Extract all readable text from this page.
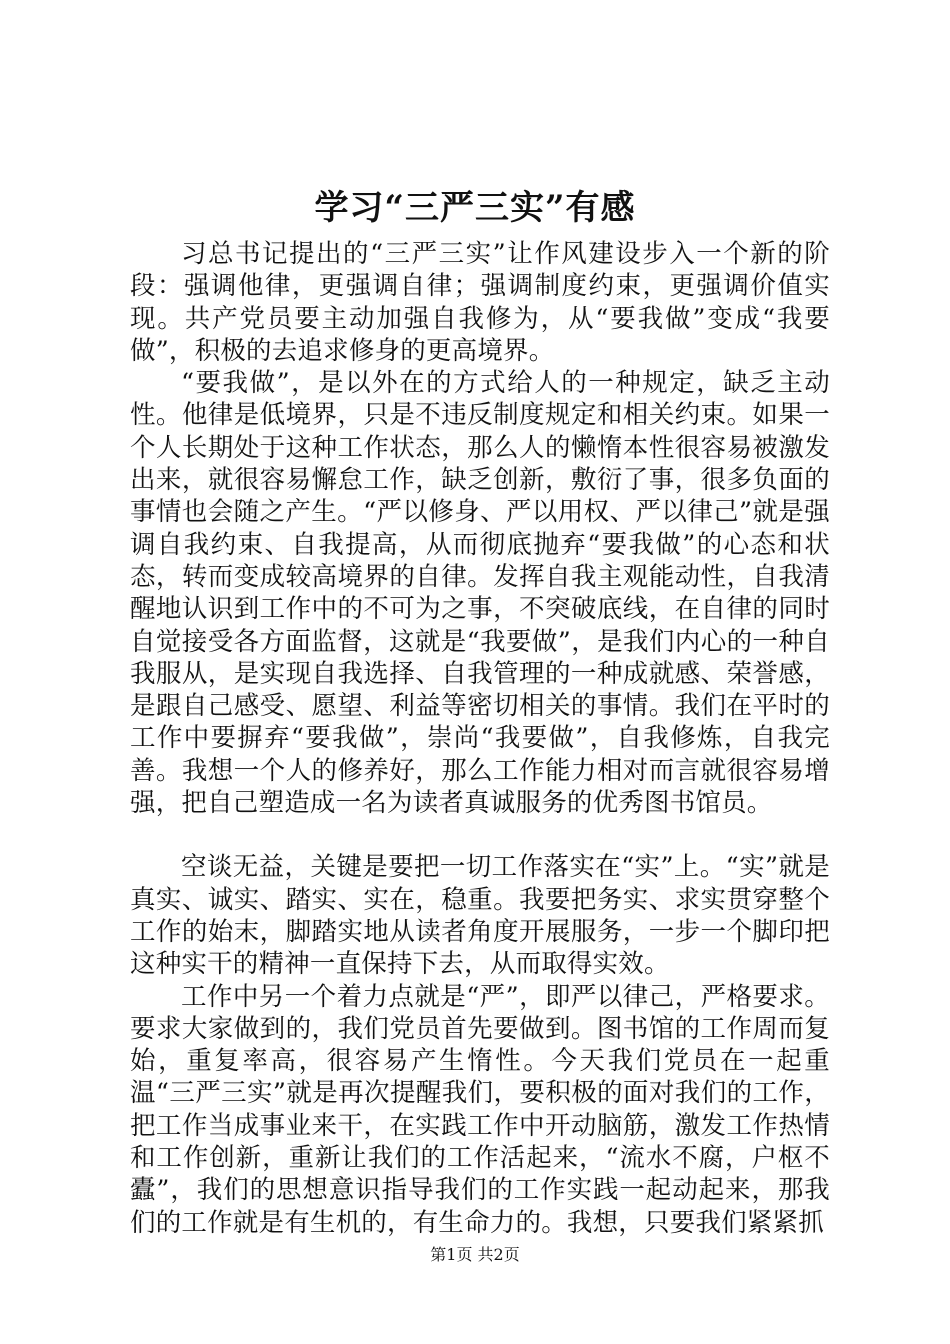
学习“三严三实”有感

习总书记提出的“三严三实”让作风建设步入一个新的阶段：强调他律，更强调自律；强调制度约束，更强调价值实现。共产党员要主动加强自我修为，从“要我做”变成“我要做”，积极的去追求修身的更高境界。

“要我做”，是以外在的方式给人的一种规定，缺乏主动性。他律是低境界，只是不违反制度规定和相关约束。如果一个人长期处于这种工作状态，那么人的懒惰本性很容易被激发出来，就很容易懈怠工作，缺乏创新，敷衍了事，很多负面的事情也会随之产生。“严以修身、严以用权、严以律己”就是强调自我约束、自我提高，从而彻底抛弃“要我做”的心态和状态，转而变成较高境界的自律。发挥自我主观能动性，自我清醒地认识到工作中的不可为之事，不突破底线，在自律的同时自觉接受各方面监督，这就是“我要做”，是我们内心的一种自我服从，是实现自我选择、自我管理的一种成就感、荣誉感，是跟自己感受、愿望、利益等密切相关的事情。我们在平时的工作中要摒弃“要我做”，崇尚“我要做”，自我修炼，自我完善。我想一个人的修养好，那么工作能力相对而言就很容易增强，把自己塑造成一名为读者真诚服务的优秀图书馆员。

空谈无益，关键是要把一切工作落实在“实”上。“实”就是真实、诚实、踏实、实在，稳重。我要把务实、求实贯穿整个工作的始末，脚踏实地从读者角度开展服务，一步一个脚印把这种实干的精神一直保持下去，从而取得实效。

工作中另一个着力点就是“严”，即严以律己，严格要求。要求大家做到的，我们党员首先要做到。图书馆的工作周而复始，重复率高，很容易产生惰性。今天我们党员在一起重温“三严三实”就是再次提醒我们，要积极的面对我们的工作，把工作当成事业来干，在实践工作中开动脑筋，激发工作热情和工作创新，重新让我们的工作活起来，“流水不腐，户枢不蠹”，我们的思想意识指导我们的工作实践一起动起来，那我们的工作就是有生机的，有生命力的。我想，只要我们紧紧抓

第1页 共2页
